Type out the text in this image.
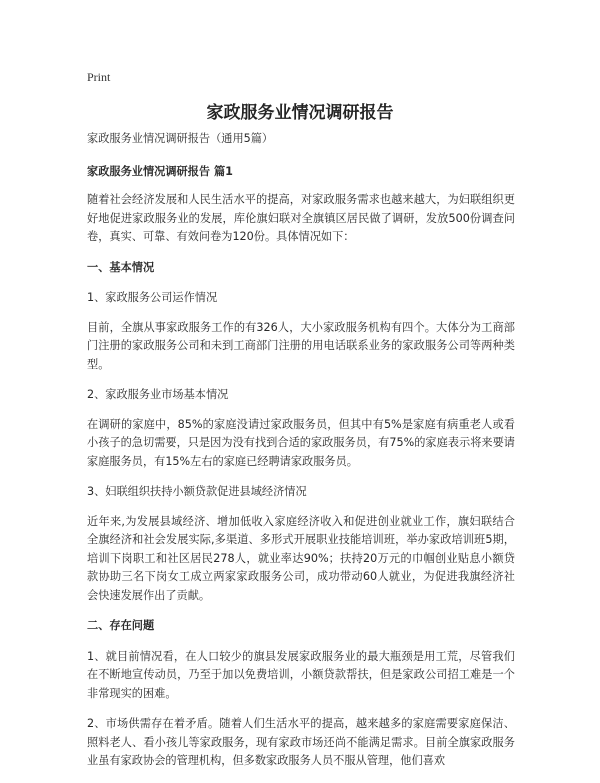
Print
家政服务业情况调研报告

家政服务业情况调研报告（通用5篇）

家政服务业情况调研报告 篇1

随着社会经济发展和人民生活水平的提高，对家政服务需求也越来越大，为妇联组织更好地促进家政服务业的发展，库伦旗妇联对全旗镇区居民做了调研，发放500份调查问卷，真实、可靠、有效问卷为120份。具体情况如下：

一、基本情况

1、家政服务公司运作情况

目前，全旗从事家政服务工作的有326人，大小家政服务机构有四个。大体分为工商部门注册的家政服务公司和未到工商部门注册的用电话联系业务的家政服务公司等两种类型。

2、家政服务业市场基本情况

在调研的家庭中，85%的家庭没请过家政服务员，但其中有5%是家庭有病重老人或看小孩子的急切需要，只是因为没有找到合适的家政服务员，有75%的家庭表示将来要请家庭服务员，有15%左右的家庭已经聘请家政服务员。

3、妇联组织扶持小额贷款促进县域经济情况

近年来,为发展县域经济、增加低收入家庭经济收入和促进创业就业工作，旗妇联结合全旗经济和社会发展实际,多渠道、多形式开展职业技能培训班，举办家政培训班5期，培训下岗职工和社区居民278人，就业率达90%；扶持20万元的巾帼创业贴息小额贷款协助三名下岗女工成立两家家政服务公司，成功带动60人就业，为促进我旗经济社会快速发展作出了贡献。

二、存在问题

1、就目前情况看，在人口较少的旗县发展家政服务业的最大瓶颈是用工荒，尽管我们在不断地宣传动员，乃至于加以免费培训，小额贷款帮扶，但是家政公司招工难是一个非常现实的困难。

2、市场供需存在着矛盾。随着人们生活水平的提高，越来越多的家庭需要家庭保洁、照料老人、看小孩儿等家政服务，现有家政市场还尚不能满足需求。目前全旗家政服务业虽有家政协会的管理机构，但多数家政服务人员不服从管理，他们喜欢
